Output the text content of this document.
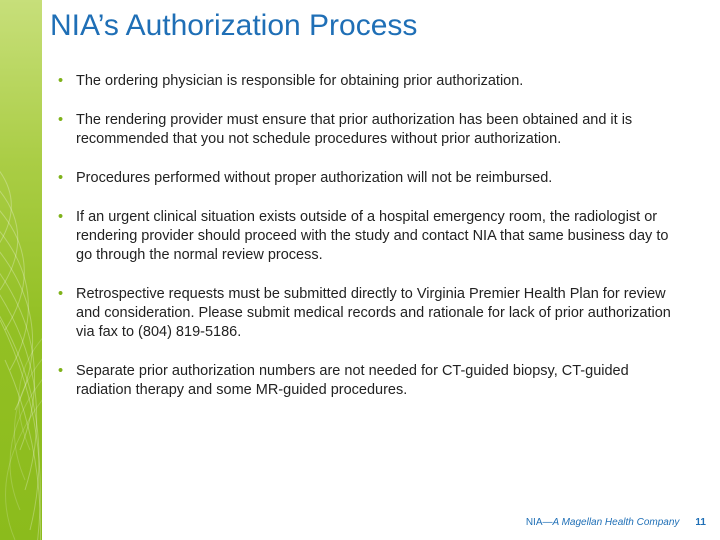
NIA’s Authorization Process
• The ordering physician is responsible for obtaining prior authorization.
• The rendering provider must ensure that prior authorization has been obtained and it is recommended that you not schedule procedures without prior authorization.
• Procedures performed without proper authorization will not be reimbursed.
• If an urgent clinical situation exists outside of a hospital emergency room, the radiologist or rendering provider should proceed with the study and contact NIA that same business day to go through the normal review process.
• Retrospective requests must be submitted directly to Virginia Premier Health Plan for review and consideration. Please submit medical records and rationale for lack of prior authorization via fax to (804) 819-5186.
• Separate prior authorization numbers are not needed for CT-guided biopsy, CT-guided radiation therapy and some MR-guided procedures.
NIA—A Magellan Health Company 11
